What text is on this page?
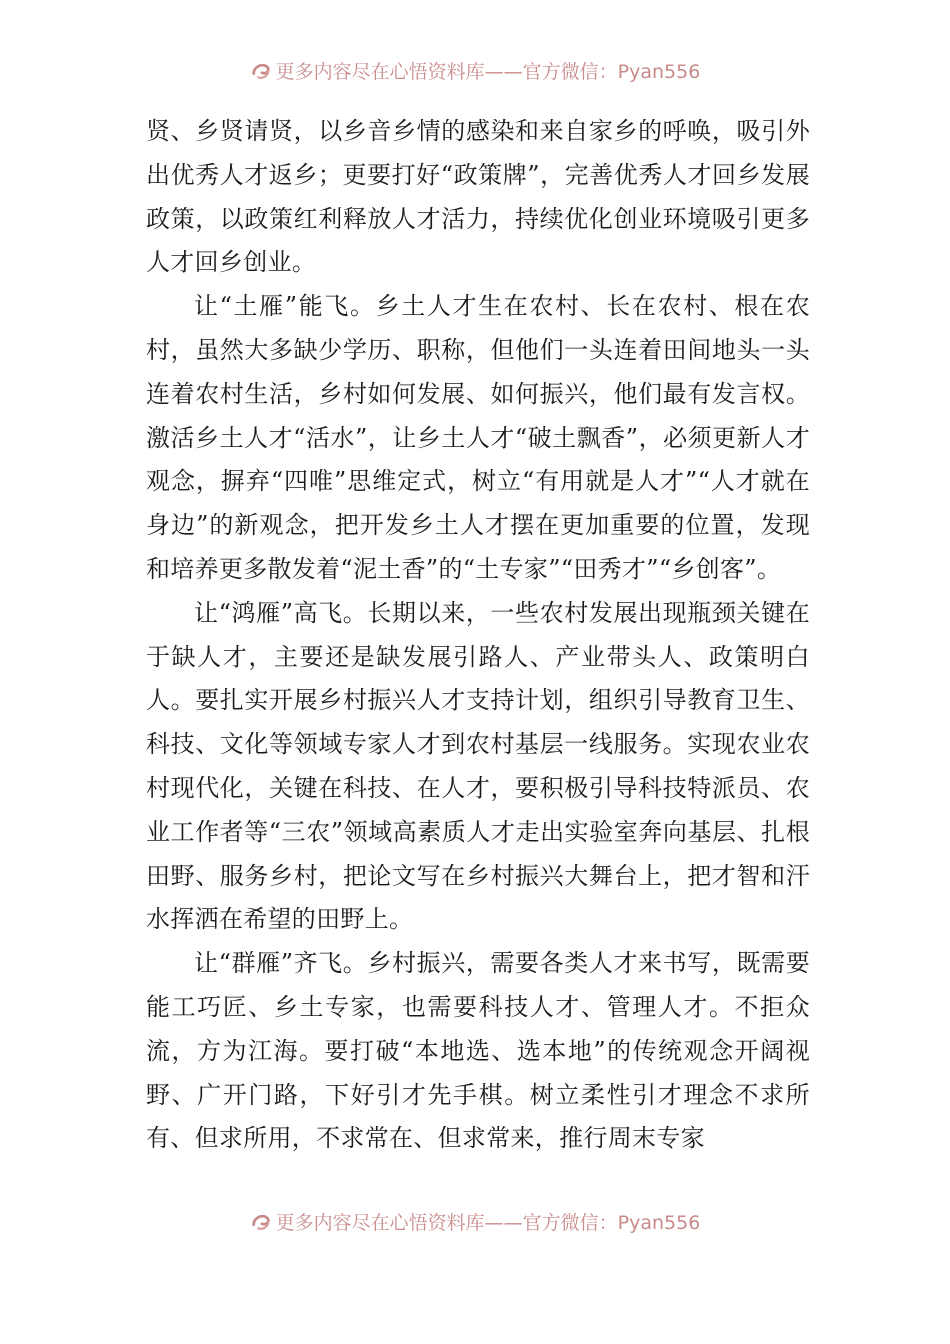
更多内容尽在心悟资料库——官方微信：Pyan556

贤、乡贤请贤，以乡音乡情的感染和来自家乡的呼唤，吸引外出优秀人才返乡；更要打好“政策牌”，完善优秀人才回乡发展政策，以政策红利释放人才活力，持续优化创业环境吸引更多人才回乡创业。

让“土雁”能飞。乡土人才生在农村、长在农村、根在农村，虽然大多缺少学历、职称，但他们一头连着田间地头一头连着农村生活，乡村如何发展、如何振兴，他们最有发言权。激活乡土人才“活水”，让乡土人才“破土飘香”，必须更新人才观念，摒弃“四唯”思维定式，树立“有用就是人才”“人才就在身边”的新观念，把开发乡土人才摆在更加重要的位置，发现和培养更多散发着“泥土香”的“土专家”“田秀才”“乡创客”。

让“鸿雁”高飞。长期以来，一些农村发展出现瓶颈关键在于缺人才，主要还是缺发展引路人、产业带头人、政策明白人。要扎实开展乡村振兴人才支持计划，组织引导教育卫生、科技、文化等领域专家人才到农村基层一线服务。实现农业农村现代化，关键在科技、在人才，要积极引导科技特派员、农业工作者等“三农”领域高素质人才走出实验室奔向基层、扎根田野、服务乡村，把论文写在乡村振兴大舞台上，把才智和汗水挥洒在希望的田野上。

让“群雁”齐飞。乡村振兴，需要各类人才来书写，既需要能工巧匠、乡土专家，也需要科技人才、管理人才。不拒众流，方为江海。要打破“本地选、选本地”的传统观念开阔视野、广开门路，下好引才先手棋。树立柔性引才理念不求所有、但求所用，不求常在、但求常来，推行周末专家

更多内容尽在心悟资料库——官方微信：Pyan556
